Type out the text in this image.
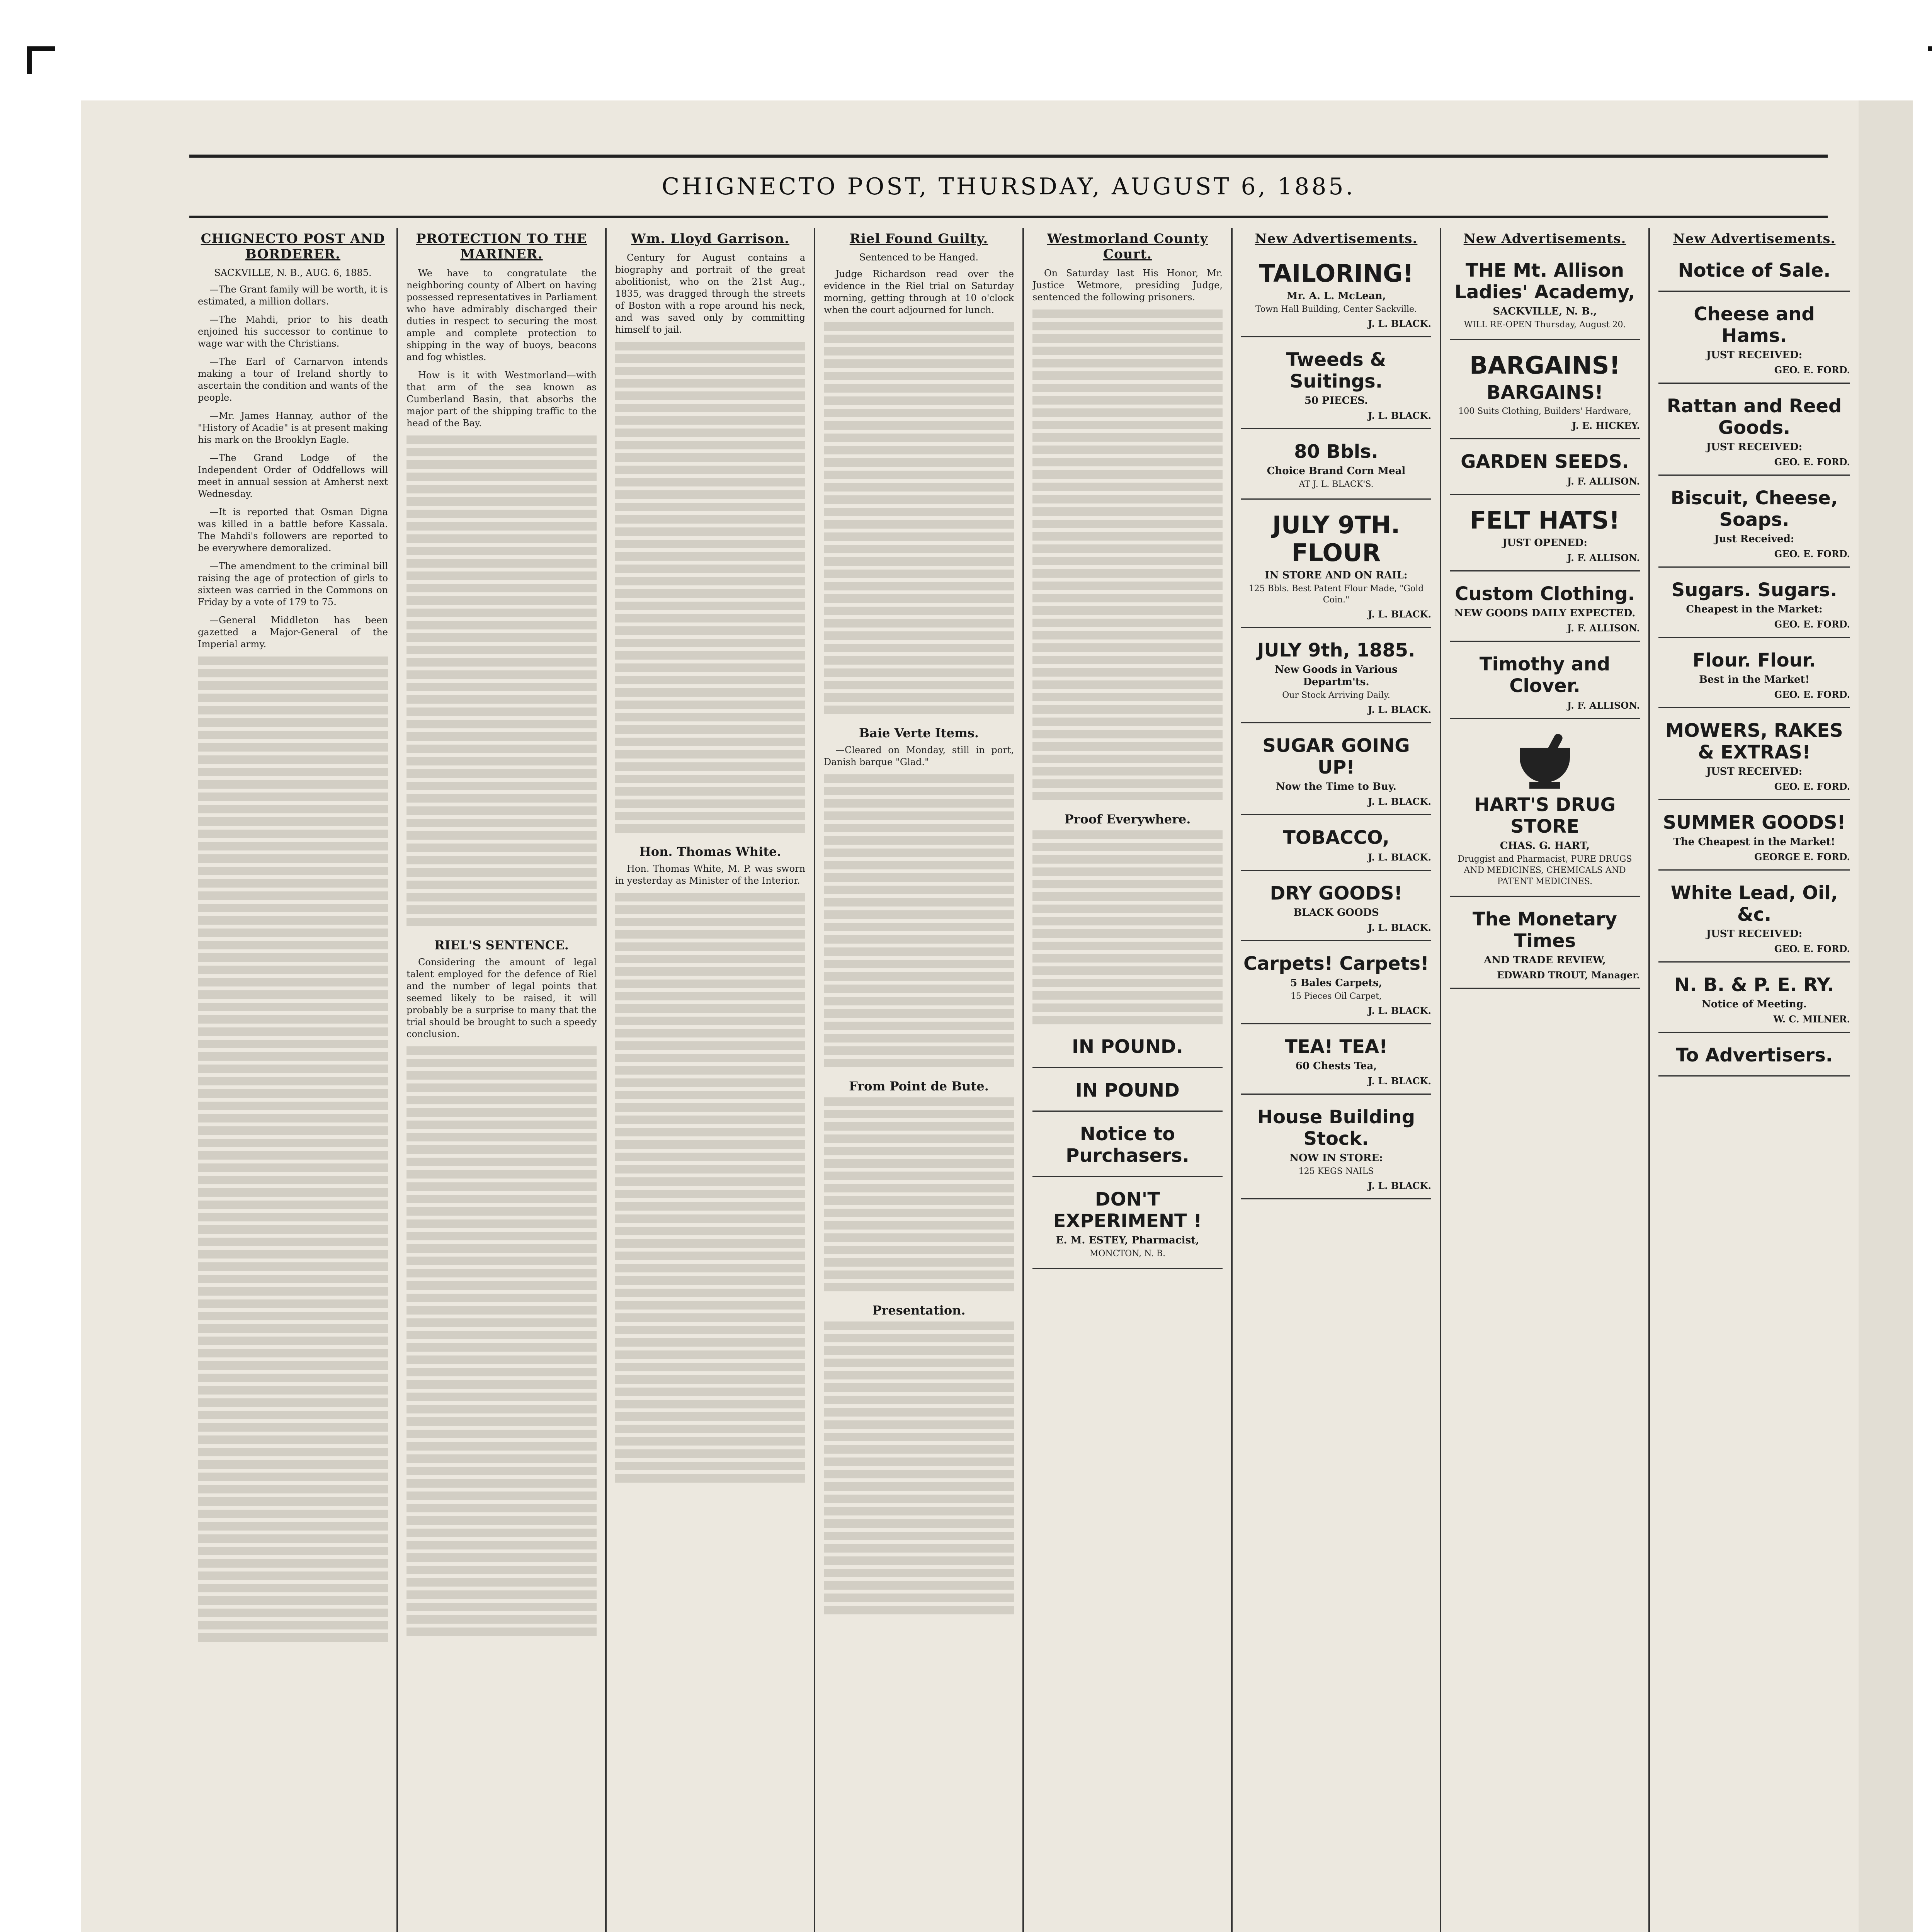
CHIGNECTO POST, THURSDAY, AUGUST 6, 1885.
CHIGNECTO POST AND BORDERER.
SACKVILLE, N. B., AUG. 6, 1885.

—The Grant family will be worth, it is estimated, a million dollars.

—The Mahdi, prior to his death enjoined his successor to continue to wage war with the Christians.

—The Earl of Carnarvon intends making a tour of Ireland shortly to ascertain the condition and wants of the people.

—Mr. James Hannay, author of the "History of Acadie" is at present making his mark on the Brooklyn Eagle.

—The Grand Lodge of the Independent Order of Oddfellows will meet in annual session at Amherst next Wednesday.

—It is reported that Osman Digna was killed in a battle before Kassala. The Mahdi's followers are reported to be everywhere demoralized.

—The amendment to the criminal bill raising the age of protection of girls to sixteen was carried in the Commons on Friday by a vote of 179 to 75.

—General Middleton has been gazetted a Major-General of the Imperial army.

PROTECTION TO THE MARINER.

We have to congratulate the neighboring county of Albert on having possessed representatives in Parliament who have admirably discharged their duties in respect to securing the most ample and complete protection to shipping in the way of buoys, beacons and fog whistles.

How is it with Westmorland—with that arm of the sea known as Cumberland Basin, that absorbs the major part of the shipping traffic to the head of the Bay.

RIEL'S SENTENCE.

Considering the amount of legal talent employed for the defence of Riel and the number of legal points that seemed likely to be raised, it will probably be a surprise to many that the trial should be brought to such a speedy conclusion.

Wm. Lloyd Garrison.

Century for August contains a biography and portrait of the great abolitionist, who on the 21st Aug., 1835, was dragged through the streets of Boston with a rope around his neck, and was saved only by committing himself to jail.

Hon. Thomas White.

Hon. Thomas White, M. P. was sworn in yesterday as Minister of the Interior.

Riel Found Guilty.
Sentenced to be Hanged.

Judge Richardson read over the evidence in the Riel trial on Saturday morning, getting through at 10 o'clock when the court adjourned for lunch.

Baie Verte Items.

—Cleared on Monday, still in port, Danish barque "Glad."

From Point de Bute.
Presentation.
Westmorland County Court.

On Saturday last His Honor, Mr. Justice Wetmore, presiding Judge, sentenced the following prisoners.

Proof Everywhere.
IN POUND.
IN POUND
Notice to Purchasers.
DON'T EXPERIMENT !
E. M. ESTEY, Pharmacist,
MONCTON, N. B.
New Advertisements.
TAILORING!
Mr. A. L. McLean,
Town Hall Building, Center Sackville.
J. L. BLACK.
Tweeds & Suitings.
50 PIECES.
J. L. BLACK.
80 Bbls.
Choice Brand Corn Meal
AT J. L. BLACK'S.
JULY 9TH. FLOUR
IN STORE AND ON RAIL:
125 Bbls. Best Patent Flour Made, "Gold Coin."
J. L. BLACK.
JULY 9th, 1885.
New Goods in Various Departm'ts.
Our Stock Arriving Daily.
J. L. BLACK.
SUGAR GOING UP!
Now the Time to Buy.
J. L. BLACK.
TOBACCO,
J. L. BLACK.
DRY GOODS!
BLACK GOODS
J. L. BLACK.
Carpets! Carpets!
5 Bales Carpets,
15 Pieces Oil Carpet,
J. L. BLACK.
TEA! TEA!
60 Chests Tea,
J. L. BLACK.
House Building Stock.
NOW IN STORE:
125 KEGS NAILS
J. L. BLACK.
New Advertisements.
THE Mt. Allison Ladies' Academy,
SACKVILLE, N. B.,
WILL RE-OPEN Thursday, August 20.
BARGAINS!
BARGAINS!
100 Suits Clothing, Builders' Hardware,
J. E. HICKEY.
GARDEN SEEDS.
J. F. ALLISON.
FELT HATS!
JUST OPENED:
J. F. ALLISON.
Custom Clothing.
NEW GOODS DAILY EXPECTED.
J. F. ALLISON.
Timothy and Clover.
J. F. ALLISON.
HART'S DRUG STORE
CHAS. G. HART,
Druggist and Pharmacist, PURE DRUGS AND MEDICINES, CHEMICALS AND PATENT MEDICINES.
The Monetary Times
AND TRADE REVIEW,
EDWARD TROUT, Manager.
New Advertisements.
Notice of Sale.
Cheese and Hams.
JUST RECEIVED:
GEO. E. FORD.
Rattan and Reed Goods.
JUST RECEIVED:
GEO. E. FORD.
Biscuit, Cheese, Soaps.
Just Received:
GEO. E. FORD.
Sugars. Sugars.
Cheapest in the Market:
GEO. E. FORD.
Flour. Flour.
Best in the Market!
GEO. E. FORD.
MOWERS, RAKES & EXTRAS!
JUST RECEIVED:
GEO. E. FORD.
SUMMER GOODS!
The Cheapest in the Market!
GEORGE E. FORD.
White Lead, Oil, &c.
JUST RECEIVED:
GEO. E. FORD.
N. B. & P. E. RY.
Notice of Meeting.
W. C. MILNER.
To Advertisers.
